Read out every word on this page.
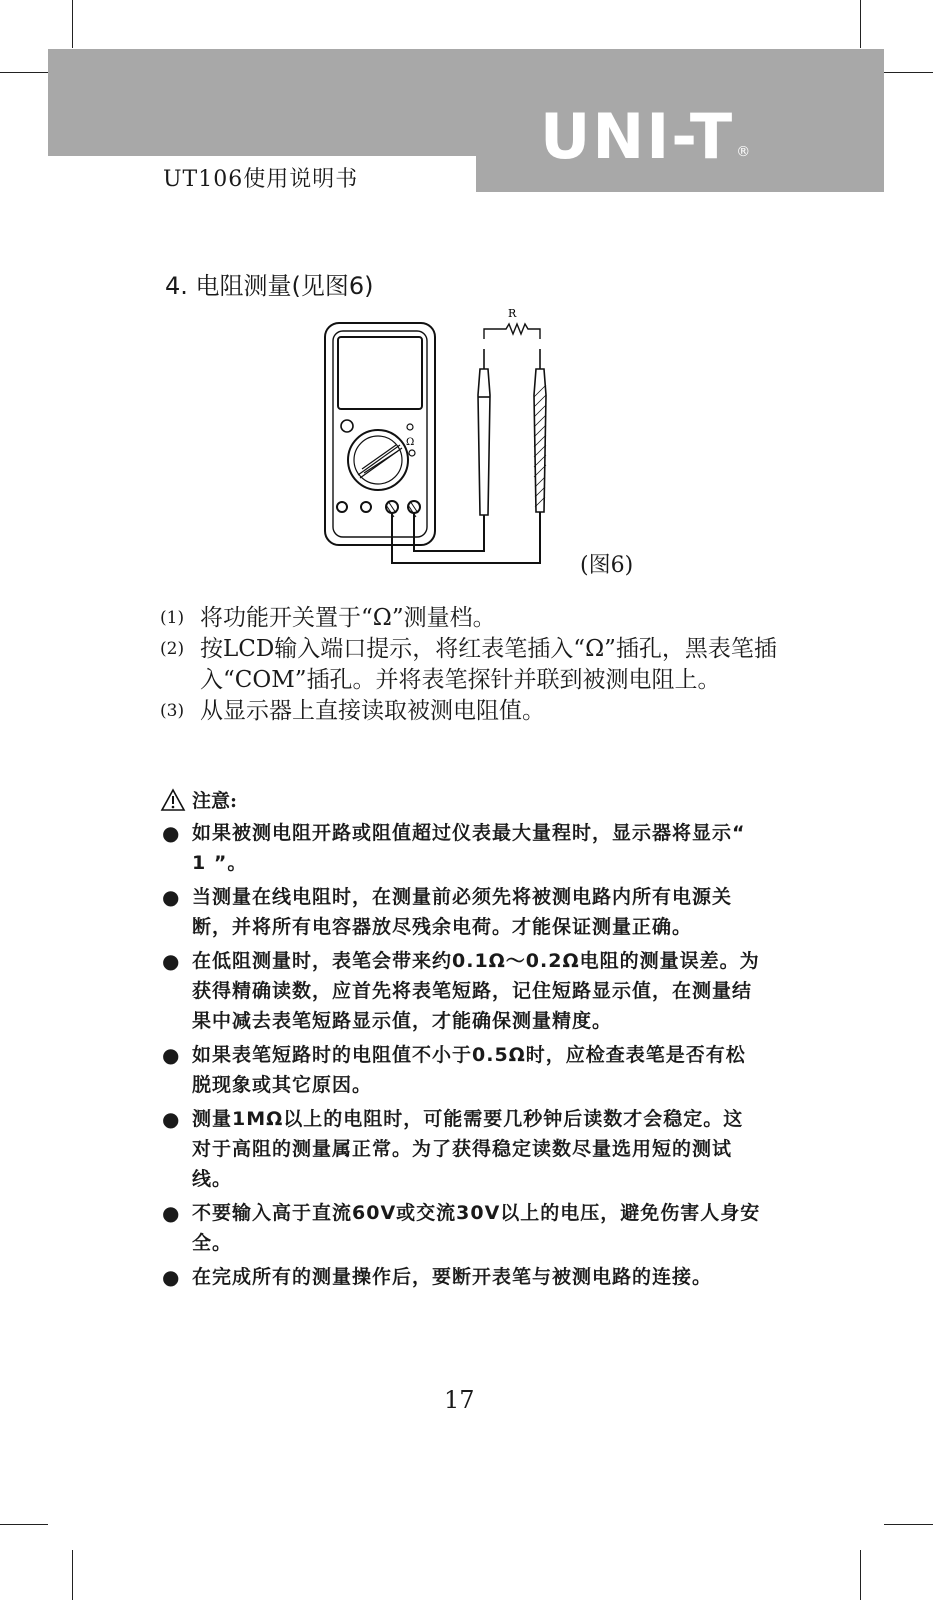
UNI-T ®
UT106使用说明书
4. 电阻测量(见图6)
Ω
R
(图6)
(1) 将功能开关置于“Ω”测量档。
(2) 按LCD输入端口提示，将红表笔插入“Ω”插孔，黑表笔插入“COM”插孔。并将表笔探针并联到被测电阻上。
(3) 从显示器上直接读取被测电阻值。
注意:
● 如果被测电阻开路或阻值超过仪表最大量程时，显示器将显示“ 1 ”。
● 当测量在线电阻时，在测量前必须先将被测电路内所有电源关断，并将所有电容器放尽残余电荷。才能保证测量正确。
● 在低阻测量时，表笔会带来约0.1Ω～0.2Ω电阻的测量误差。为获得精确读数，应首先将表笔短路，记住短路显示值，在测量结果中减去表笔短路显示值，才能确保测量精度。
● 如果表笔短路时的电阻值不小于0.5Ω时，应检查表笔是否有松脱现象或其它原因。
● 测量1MΩ以上的电阻时，可能需要几秒钟后读数才会稳定。这对于高阻的测量属正常。为了获得稳定读数尽量选用短的测试线。
● 不要输入高于直流60V或交流30V以上的电压，避免伤害人身安全。
● 在完成所有的测量操作后，要断开表笔与被测电路的连接。
17
